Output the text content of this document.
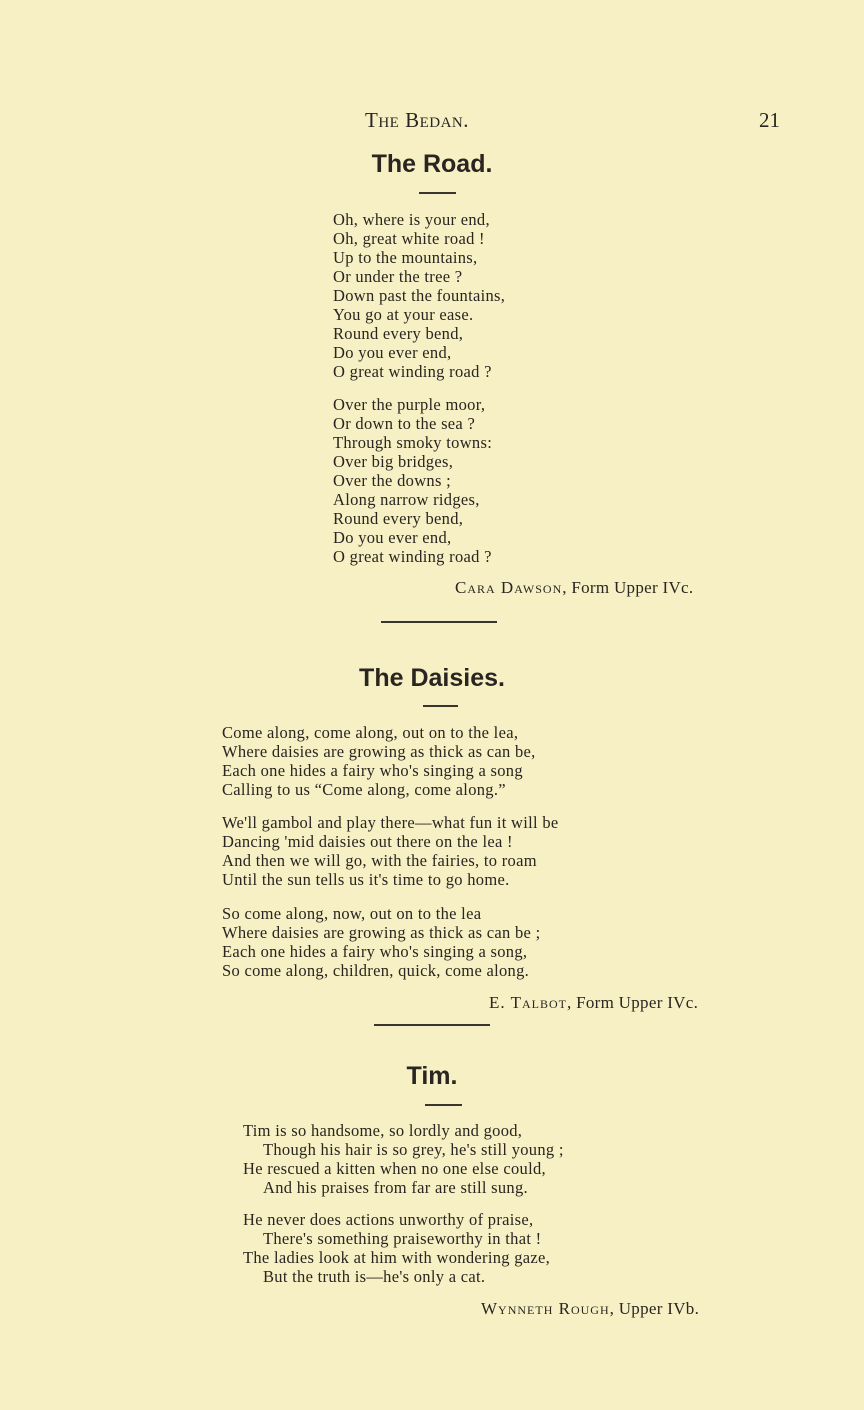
The Bedan.	21
The Road.
Oh, where is your end,
Oh, great white road !
Up to the mountains,
Or under the tree ?
Down past the fountains,
You go at your ease.
Round every bend,
Do you ever end,
O great winding road ?
Over the purple moor,
Or down to the sea ?
Through smoky towns:
Over big bridges,
Over the downs ;
Along narrow ridges,
Round every bend,
Do you ever end,
O great winding road ?
Cara Dawson, Form Upper IVc.
The Daisies.
Come along, come along, out on to the lea,
Where daisies are growing as thick as can be,
Each one hides a fairy who's singing a song
Calling to us “Come along, come along.”
We'll gambol and play there—what fun it will be
Dancing 'mid daisies out there on the lea !
And then we will go, with the fairies, to roam
Until the sun tells us it's time to go home.
So come along, now, out on to the lea
Where daisies are growing as thick as can be ;
Each one hides a fairy who's singing a song,
So come along, children, quick, come along.
E. Talbot, Form Upper IVc.
Tim.
Tim is so handsome, so lordly and good,
Though his hair is so grey, he's still young ;
He rescued a kitten when no one else could,
And his praises from far are still sung.
He never does actions unworthy of praise,
There's something praiseworthy in that !
The ladies look at him with wondering gaze,
But the truth is—he's only a cat.
Wynneth Rough, Upper IVb.
